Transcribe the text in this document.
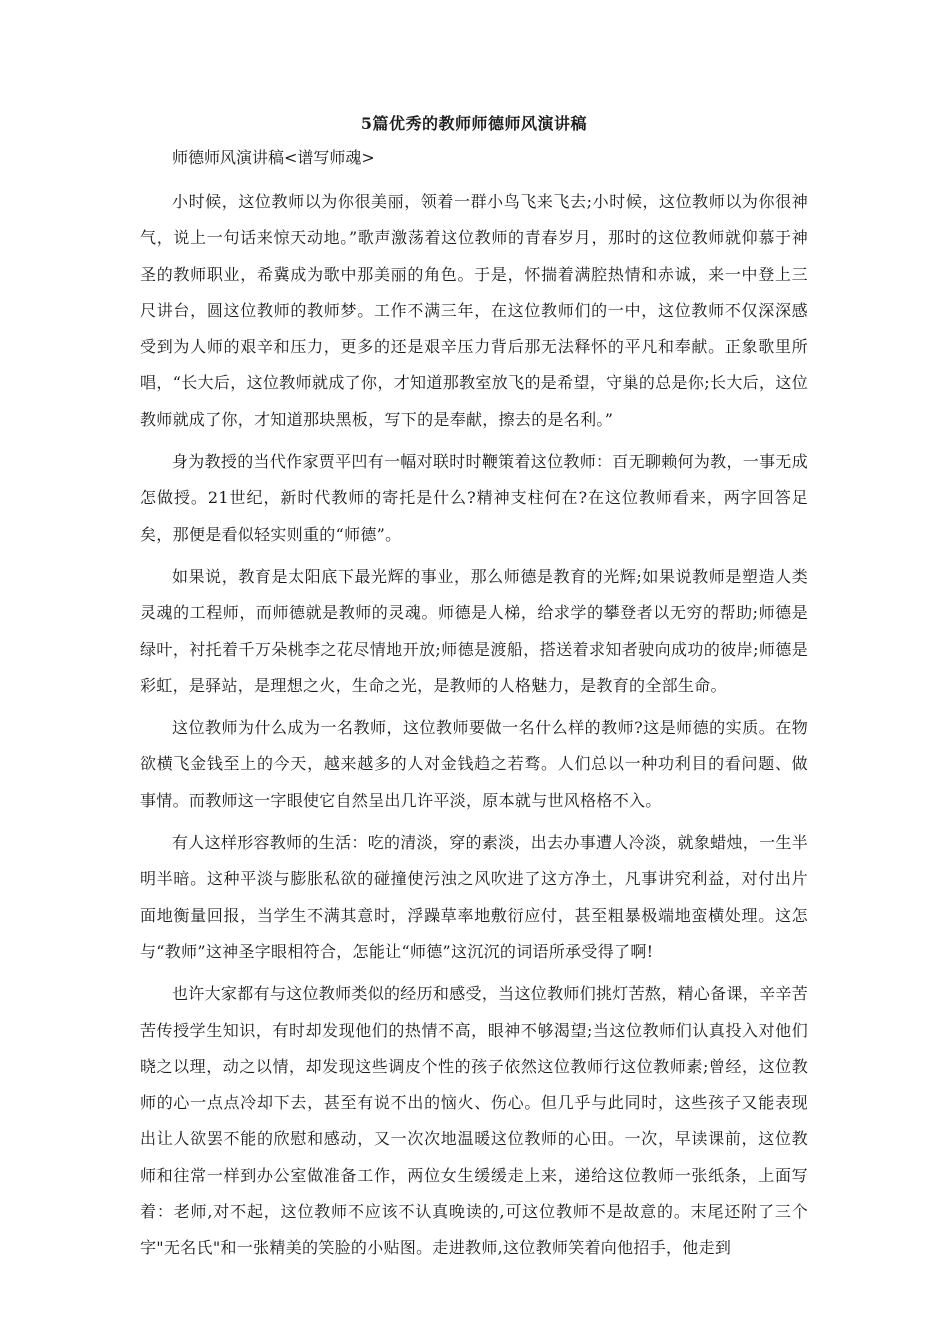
5篇优秀的教师师德师风演讲稿

师德师风演讲稿<谱写师魂>

小时候，这位教师以为你很美丽，领着一群小鸟飞来飞去;小时候，这位教师以为你很神气，说上一句话来惊天动地。”歌声激荡着这位教师的青春岁月，那时的这位教师就仰慕于神圣的教师职业，希冀成为歌中那美丽的角色。于是，怀揣着满腔热情和赤诚，来一中登上三尺讲台，圆这位教师的教师梦。工作不满三年，在这位教师们的一中，这位教师不仅深深感受到为人师的艰辛和压力，更多的还是艰辛压力背后那无法释怀的平凡和奉献。正象歌里所唱，“长大后，这位教师就成了你，才知道那教室放飞的是希望，守巢的总是你;长大后，这位教师就成了你，才知道那块黑板，写下的是奉献，擦去的是名利。”

身为教授的当代作家贾平凹有一幅对联时时鞭策着这位教师：百无聊赖何为教，一事无成怎做授。21世纪，新时代教师的寄托是什么?精神支柱何在?在这位教师看来，两字回答足矣，那便是看似轻实则重的“师德”。

如果说，教育是太阳底下最光辉的事业，那么师德是教育的光辉;如果说教师是塑造人类灵魂的工程师，而师德就是教师的灵魂。师德是人梯，给求学的攀登者以无穷的帮助;师德是绿叶，衬托着千万朵桃李之花尽情地开放;师德是渡船，搭送着求知者驶向成功的彼岸;师德是彩虹，是驿站，是理想之火，生命之光，是教师的人格魅力，是教育的全部生命。

这位教师为什么成为一名教师，这位教师要做一名什么样的教师?这是师德的实质。在物欲横飞金钱至上的今天，越来越多的人对金钱趋之若骛。人们总以一种功利目的看问题、做事情。而教师这一字眼使它自然呈出几许平淡，原本就与世风格格不入。

有人这样形容教师的生活：吃的清淡，穿的素淡，出去办事遭人冷淡，就象蜡烛，一生半明半暗。这种平淡与膨胀私欲的碰撞使污浊之风吹进了这方净土，凡事讲究利益，对付出片面地衡量回报，当学生不满其意时，浮躁草率地敷衍应付，甚至粗暴极端地蛮横处理。这怎与“教师”这神圣字眼相符合，怎能让“师德”这沉沉的词语所承受得了啊!

也许大家都有与这位教师类似的经历和感受，当这位教师们挑灯苦熬，精心备课，辛辛苦苦传授学生知识，有时却发现他们的热情不高，眼神不够渴望;当这位教师们认真投入对他们晓之以理，动之以情，却发现这些调皮个性的孩子依然这位教师行这位教师素;曾经，这位教师的心一点点冷却下去，甚至有说不出的恼火、伤心。但几乎与此同时，这些孩子又能表现出让人欲罢不能的欣慰和感动，又一次次地温暖这位教师的心田。一次，早读课前，这位教师和往常一样到办公室做准备工作，两位女生缓缓走上来，递给这位教师一张纸条，上面写着：老师,对不起，这位教师不应该不认真晚读的,可这位教师不是故意的。末尾还附了三个字"无名氏"和一张精美的笑脸的小贴图。走进教师,这位教师笑着向他招手，他走到
